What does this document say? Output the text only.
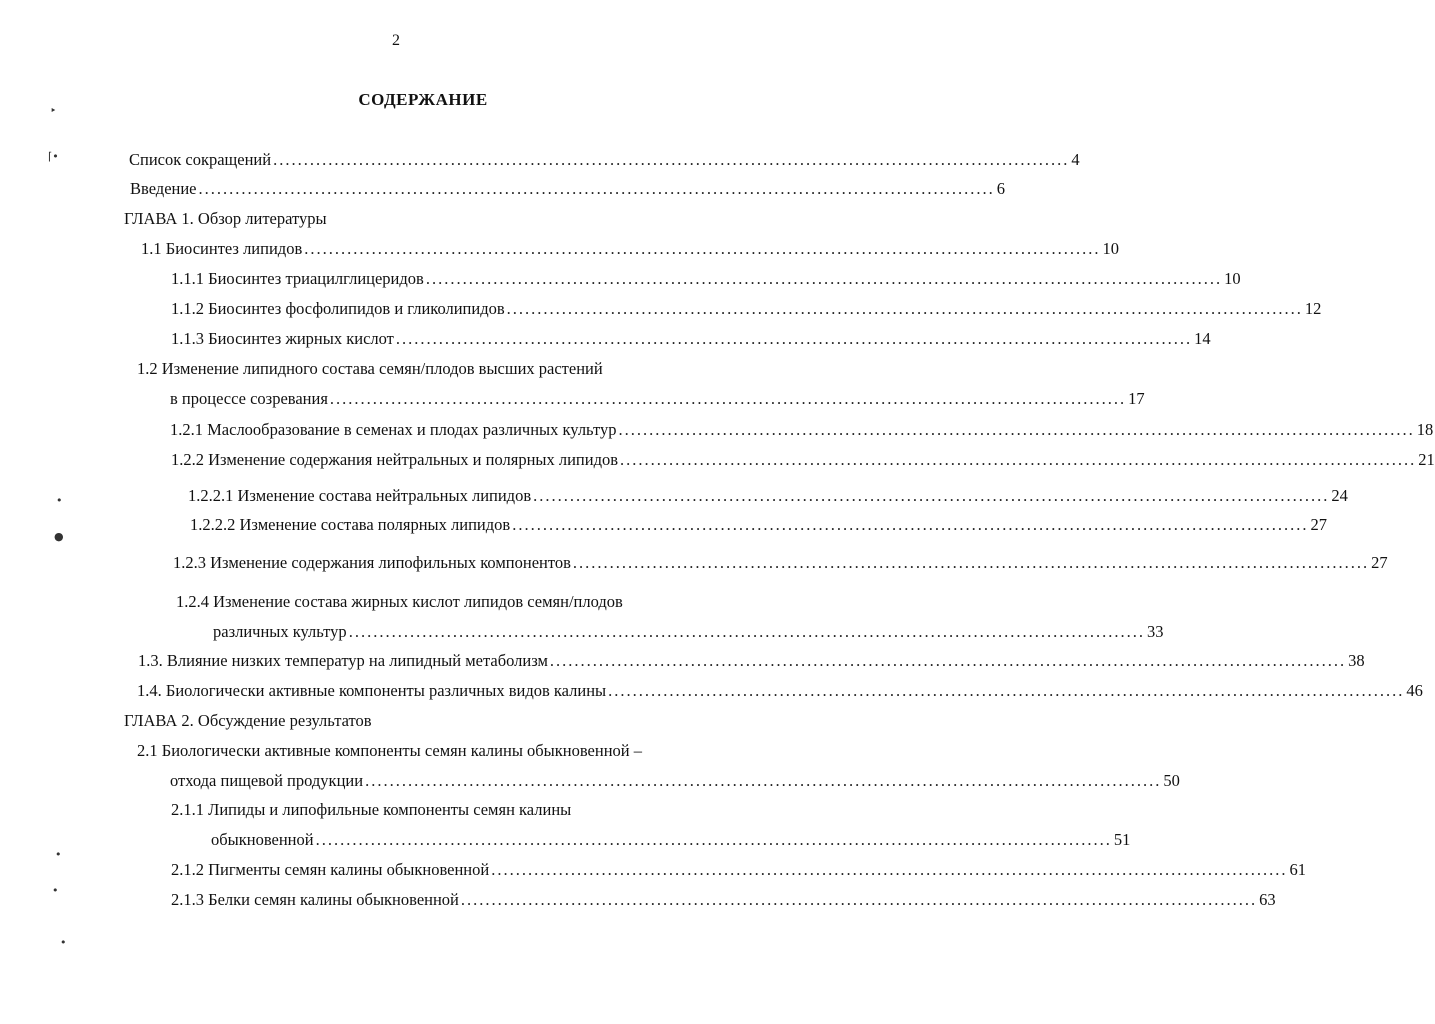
2
СОДЕРЖАНИЕ
Список сокращений .................................................................................................................................. 4
Введение .................................................................................................................................. 6
ГЛАВА 1. Обзор литературы
1.1 Биосинтез липидов .................................................................................................................................. 10
1.1.1 Биосинтез триацилглицеридов .................................................................................................................................. 10
1.1.2 Биосинтез фосфолипидов и гликолипидов .................................................................................................................................. 12
1.1.3 Биосинтез жирных кислот .................................................................................................................................. 14
1.2 Изменение липидного состава семян/плодов высших растений
в процессе созревания .................................................................................................................................. 17
1.2.1 Маслообразование в семенах и плодах различных культур .................................................................................................................................. 18
1.2.2 Изменение содержания нейтральных и полярных липидов .................................................................................................................................. 21
1.2.2.1 Изменение состава нейтральных липидов .................................................................................................................................. 24
1.2.2.2 Изменение состава полярных липидов .................................................................................................................................. 27
1.2.3 Изменение содержания липофильных компонентов .................................................................................................................................. 27
1.2.4 Изменение состава жирных кислот липидов семян/плодов
различных культур .................................................................................................................................. 33
1.3. Влияние низких температур на липидный метаболизм .................................................................................................................................. 38
1.4. Биологически активные компоненты различных видов калины .................................................................................................................................. 46
ГЛАВА 2. Обсуждение результатов
2.1 Биологически активные компоненты семян калины обыкновенной –
отхода пищевой продукции .................................................................................................................................. 50
2.1.1 Липиды и липофильные компоненты семян калины
обыкновенной .................................................................................................................................. 51
2.1.2 Пигменты семян калины обыкновенной .................................................................................................................................. 61
2.1.3 Белки семян калины обыкновенной .................................................................................................................................. 63
‣
⌈•
•
●
•
•
•
